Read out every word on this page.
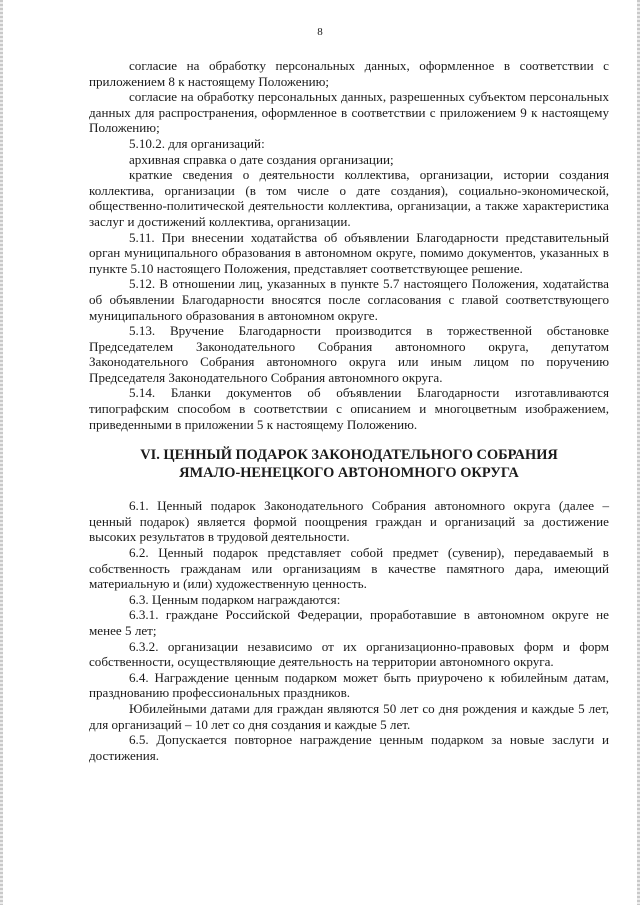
8

согласие на обработку персональных данных, оформленное в соответствии с приложением 8 к настоящему Положению;

согласие на обработку персональных данных, разрешенных субъектом персональных данных для распространения, оформленное в соответствии с приложением 9 к настоящему Положению;

5.10.2. для организаций:

архивная справка о дате создания организации;

краткие сведения о деятельности коллектива, организации, истории создания коллектива, организации (в том числе о дате создания), социально-экономической, общественно-политической деятельности коллектива, организации, а также характеристика заслуг и достижений коллектива, организации.

5.11. При внесении ходатайства об объявлении Благодарности представительный орган муниципального образования в автономном округе, помимо документов, указанных в пункте 5.10 настоящего Положения, представляет соответствующее решение.

5.12. В отношении лиц, указанных в пункте 5.7 настоящего Положения, ходатайства об объявлении Благодарности вносятся после согласования с главой соответствующего муниципального образования в автономном округе.

5.13. Вручение Благодарности производится в торжественной обстановке Председателем Законодательного Собрания автономного округа, депутатом Законодательного Собрания автономного округа или иным лицом по поручению Председателя Законодательного Собрания автономного округа.

5.14. Бланки документов об объявлении Благодарности изготавливаются типографским способом в соответствии с описанием и многоцветным изображением, приведенными в приложении 5 к настоящему Положению.

VI. ЦЕННЫЙ ПОДАРОК ЗАКОНОДАТЕЛЬНОГО СОБРАНИЯ
ЯМАЛО-НЕНЕЦКОГО АВТОНОМНОГО ОКРУГА

6.1. Ценный подарок Законодательного Собрания автономного округа (далее – ценный подарок) является формой поощрения граждан и организаций за достижение высоких результатов в трудовой деятельности.

6.2. Ценный подарок представляет собой предмет (сувенир), передаваемый в собственность гражданам или организациям в качестве памятного дара, имеющий материальную и (или) художественную ценность.

6.3. Ценным подарком награждаются:

6.3.1. граждане Российской Федерации, проработавшие в автономном округе не менее 5 лет;

6.3.2. организации независимо от их организационно-правовых форм и форм собственности, осуществляющие деятельность на территории автономного округа.

6.4. Награждение ценным подарком может быть приурочено к юбилейным датам, празднованию профессиональных праздников.

Юбилейными датами для граждан являются 50 лет со дня рождения и каждые 5 лет, для организаций – 10 лет со дня создания и каждые 5 лет.

6.5. Допускается повторное награждение ценным подарком за новые заслуги и достижения.
